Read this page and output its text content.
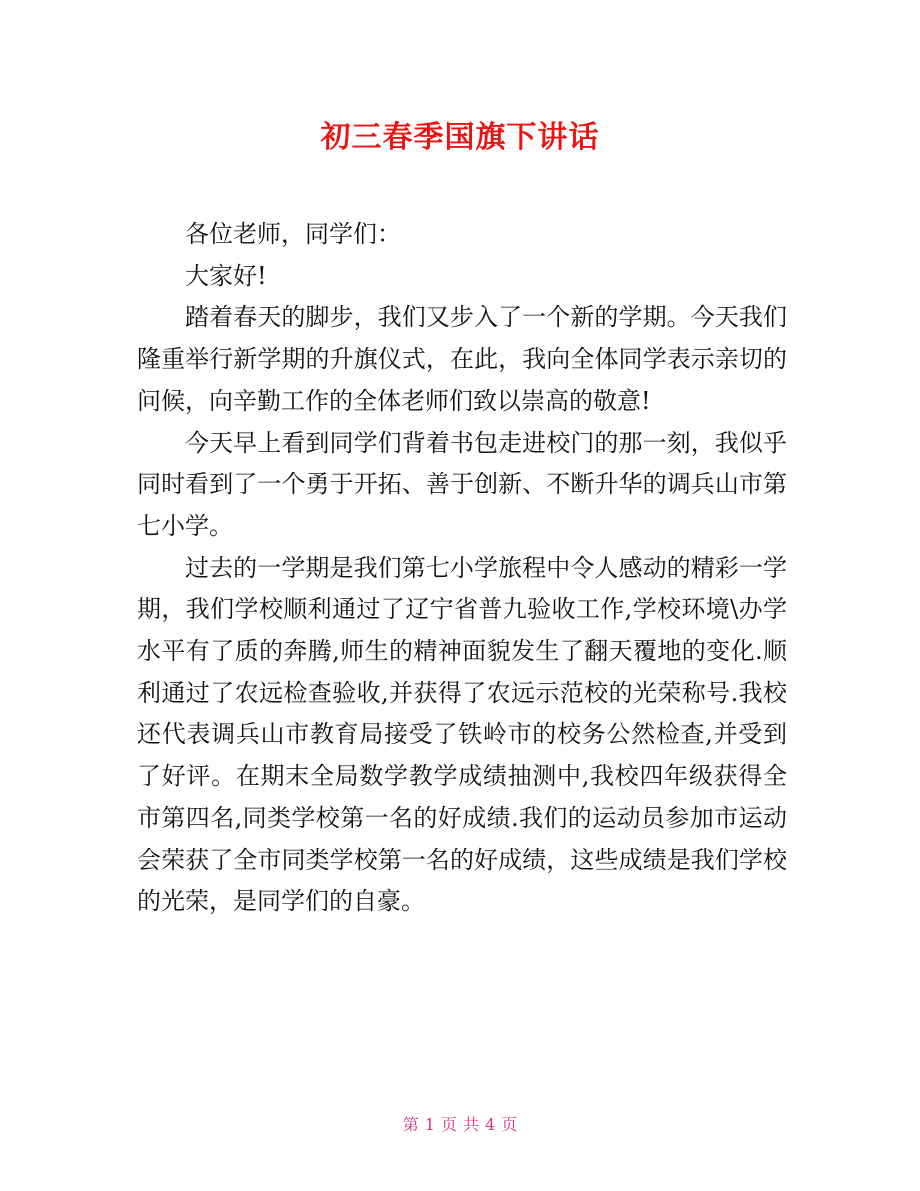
初三春季国旗下讲话

各位老师，同学们：

大家好!

踏着春天的脚步，我们又步入了一个新的学期。今天我们隆重举行新学期的升旗仪式，在此，我向全体同学表示亲切的问候，向辛勤工作的全体老师们致以崇高的敬意!

今天早上看到同学们背着书包走进校门的那一刻，我似乎同时看到了一个勇于开拓、善于创新、不断升华的调兵山市第七小学。

过去的一学期是我们第七小学旅程中令人感动的精彩一学期，我们学校顺利通过了辽宁省普九验收工作,学校环境\办学水平有了质的奔腾,师生的精神面貌发生了翻天覆地的变化.顺利通过了农远检查验收,并获得了农远示范校的光荣称号.我校还代表调兵山市教育局接受了铁岭市的校务公然检查,并受到了好评。在期末全局数学教学成绩抽测中,我校四年级获得全市第四名,同类学校第一名的好成绩.我们的运动员参加市运动会荣获了全市同类学校第一名的好成绩，这些成绩是我们学校的光荣，是同学们的自豪。

第 1 页 共 4 页
